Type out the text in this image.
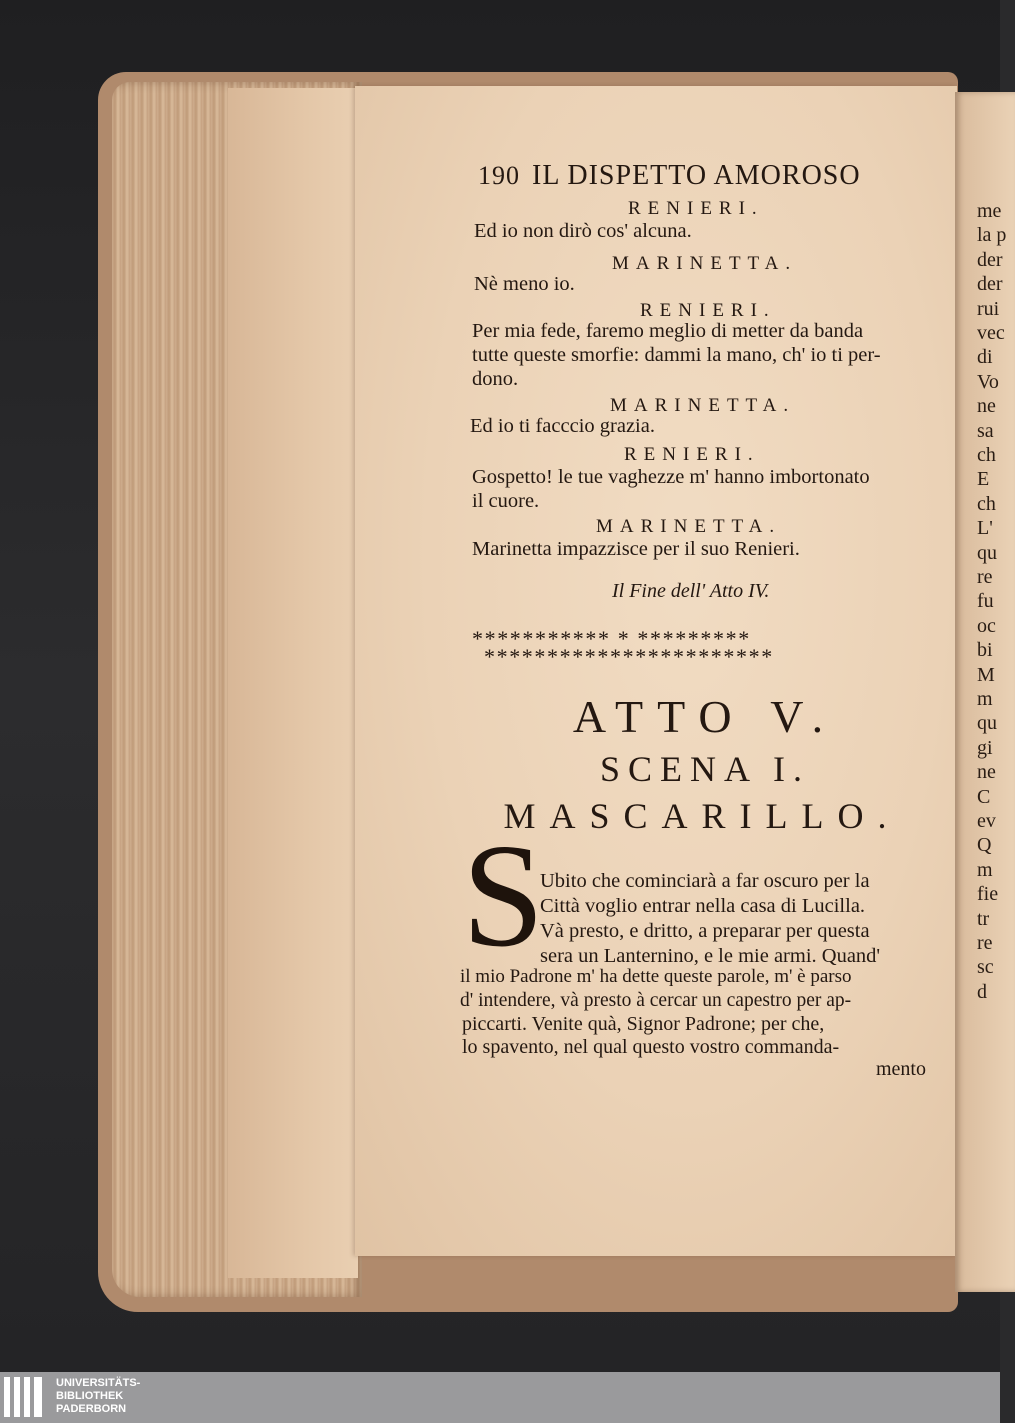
me
la p
der
der
rui
vec
di
Vo
ne
sa
ch
E
ch
L'
qu
re
fu
oc
bi
M
m
qu
gi
ne
C
ev
Q
m
fie
tr
re
sc
d
190 IL DISPETTO AMOROSO
RENIERI.
Ed io non dirò cos' alcuna.
MARINETTA.
Nè meno io.
RENIERI.
Per mia fede, faremo meglio di metter da banda
tutte queste smorfie: dammi la mano, ch' io ti per-
dono.
MARINETTA.
Ed io ti facccio grazia.
RENIERI.
Gospetto! le tue vaghezze m' hanno imbortonato
il cuore.
MARINETTA.
Marinetta impazzisce per il suo Renieri.
Il Fine dell' Atto IV.
*********** * *********
***********************
ATTO V.
SCENA I.
MASCARILLO.
S
Ubito che cominciarà a far oscuro per la
Città voglio entrar nella casa di Lucilla.
Và presto, e dritto, a preparar per questa
sera un Lanternino, e le mie armi. Quand'
il mio Padrone m' ha dette queste parole, m' è parso
d' intendere, và presto à cercar un capestro per ap-
piccarti. Venite quà, Signor Padrone; per che,
lo spavento, nel qual questo vostro commanda-
mento
UNIVERSITÄTS-
BIBLIOTHEK
PADERBORN
